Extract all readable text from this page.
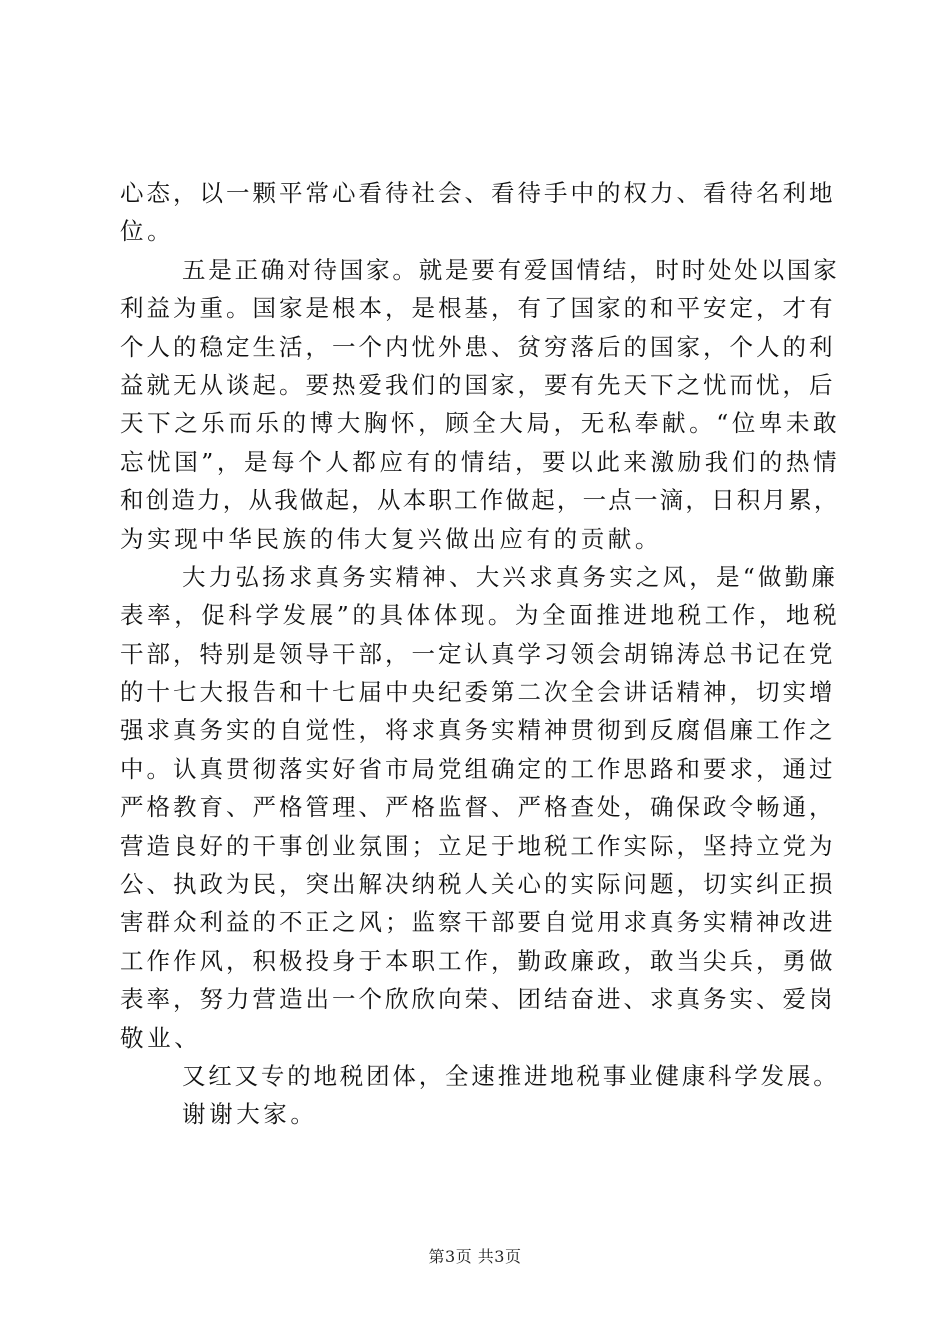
心态，以一颗平常心看待社会、看待手中的权力、看待名利地
位。
五是正确对待国家。就是要有爱国情结，时时处处以国家
利益为重。国家是根本，是根基，有了国家的和平安定，才有
个人的稳定生活，一个内忧外患、贫穷落后的国家，个人的利
益就无从谈起。要热爱我们的国家，要有先天下之忧而忧，后
天下之乐而乐的博大胸怀，顾全大局，无私奉献。“位卑未敢
忘忧国”，是每个人都应有的情结，要以此来激励我们的热情
和创造力，从我做起，从本职工作做起，一点一滴，日积月累，
为实现中华民族的伟大复兴做出应有的贡献。
大力弘扬求真务实精神、大兴求真务实之风，是“做勤廉
表率，促科学发展”的具体体现。为全面推进地税工作，地税
干部，特别是领导干部，一定认真学习领会胡锦涛总书记在党
的十七大报告和十七届中央纪委第二次全会讲话精神，切实增
强求真务实的自觉性，将求真务实精神贯彻到反腐倡廉工作之
中。认真贯彻落实好省市局党组确定的工作思路和要求，通过
严格教育、严格管理、严格监督、严格查处，确保政令畅通，
营造良好的干事创业氛围；立足于地税工作实际，坚持立党为
公、执政为民，突出解决纳税人关心的实际问题，切实纠正损
害群众利益的不正之风；监察干部要自觉用求真务实精神改进
工作作风，积极投身于本职工作，勤政廉政，敢当尖兵，勇做
表率，努力营造出一个欣欣向荣、团结奋进、求真务实、爱岗
敬业、
又红又专的地税团体，全速推进地税事业健康科学发展。
谢谢大家。
第3页 共3页
